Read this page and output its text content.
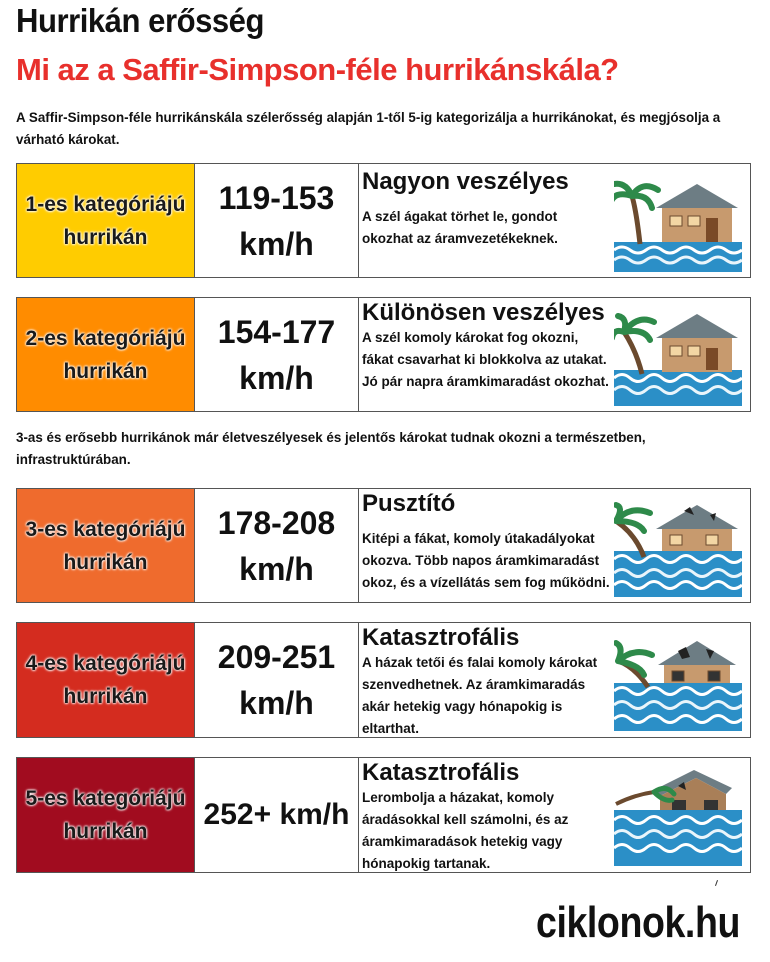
Hurrikán erősség
Mi az a Saffir-Simpson-féle hurrikánskála?
A Saffir-Simpson-féle hurrikánskála szélerősség alapján 1-től 5-ig kategorizálja a hurrikánokat, és megjósolja a várható károkat.
1-es kategóriájú hurrikán
119-153 km/h
Nagyon veszélyes
A szél ágakat törhet le, gondot okozhat az áramvezetékeknek.
2-es kategóriájú hurrikán
154-177 km/h
Különösen veszélyes
A szél komoly károkat fog okozni, fákat csavarhat ki blokkolva az utakat. Jó pár napra áramkimaradást okozhat.
3-as és erősebb hurrikánok már életveszélyesek és jelentős károkat tudnak okozni a természetben, infrastruktúrában.
3-es kategóriájú hurrikán
178-208 km/h
Pusztító
Kitépi a fákat, komoly útakadályokat okozva. Több napos áramkimaradást okoz, és a vízellátás sem fog működni.
4-es kategóriájú hurrikán
209-251 km/h
Katasztrofális
A házak tetői és falai komoly károkat szenvedhetnek. Az áramkimaradás akár hetekig vagy hónapokig is eltarthat.
5-es kategóriájú hurrikán
252+ km/h
Katasztrofális
Lerombolja a házakat, komoly áradásokkal kell számolni, és az áramkimaradások hetekig vagy hónapokig tartanak.
ciklonok.hu
